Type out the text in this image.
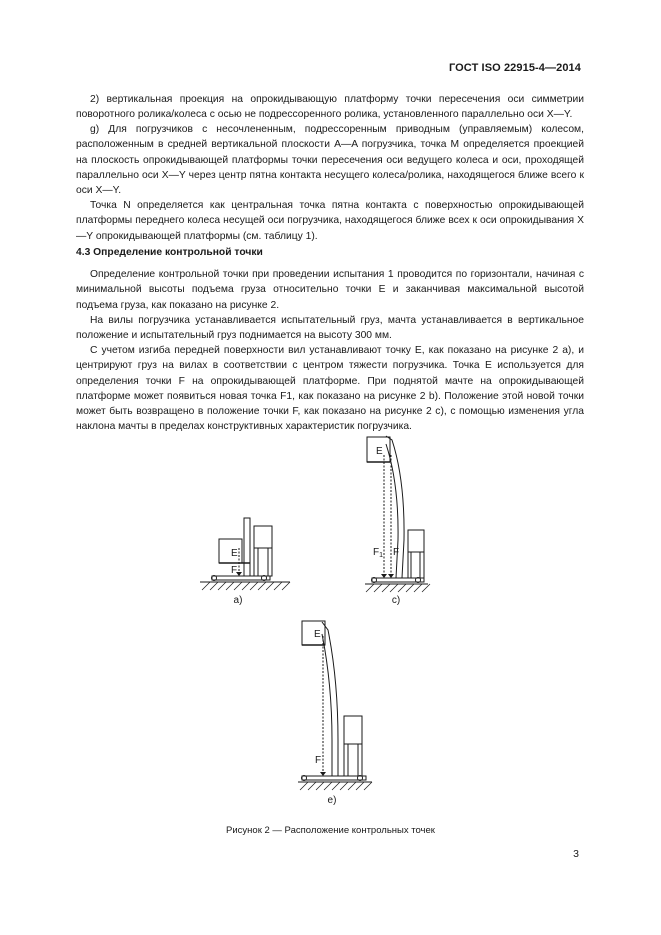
ГОСТ ISO 22915-4—2014

2) вертикальная проекция на опрокидывающую платформу точки пересечения оси симметрии поворотного ролика/колеса с осью не подрессоренного ролика, установленного параллельно оси X—Y.

g) Для погрузчиков с несочлененным, подрессоренным приводным (управляемым) колесом, расположенным в средней вертикальной плоскости A—A погрузчика, точка M определяется проекцией на плоскость опрокидывающей платформы точки пересечения оси ведущего колеса и оси, проходящей параллельно оси X—Y через центр пятна контакта несущего колеса/ролика, находящегося ближе всего к оси X—Y.

Точка N определяется как центральная точка пятна контакта с поверхностью опрокидывающей платформы переднего колеса несущей оси погрузчика, находящегося ближе всех к оси опрокидывания X—Y опрокидывающей платформы (см. таблицу 1).

4.3 Определение контрольной точки

Определение контрольной точки при проведении испытания 1 проводится по горизонтали, начиная с минимальной высоты подъема груза относительно точки E и заканчивая максимальной высотой подъема груза, как показано на рисунке 2.

На вилы погрузчика устанавливается испытательный груз, мачта устанавливается в вертикальное положение и испытательный груз поднимается на высоту 300 мм.

С учетом изгиба передней поверхности вил устанавливают точку E, как показано на рисунке 2 a), и центрируют груз на вилах в соответствии с центром тяжести погрузчика. Точка E используется для определения точки F на опрокидывающей платформе. При поднятой мачте на опрокидывающей платформе может появиться новая точка F1, как показано на рисунке 2 b). Положение этой новой точки может быть возвращено в положение точки F, как показано на рисунке 2 c), с помощью изменения угла наклона мачты в пределах конструктивных характеристик погрузчика.

E
F
a)
E
$F_1$ F
c)
E
F
e)
Рисунок 2 — Расположение контрольных точек
3
